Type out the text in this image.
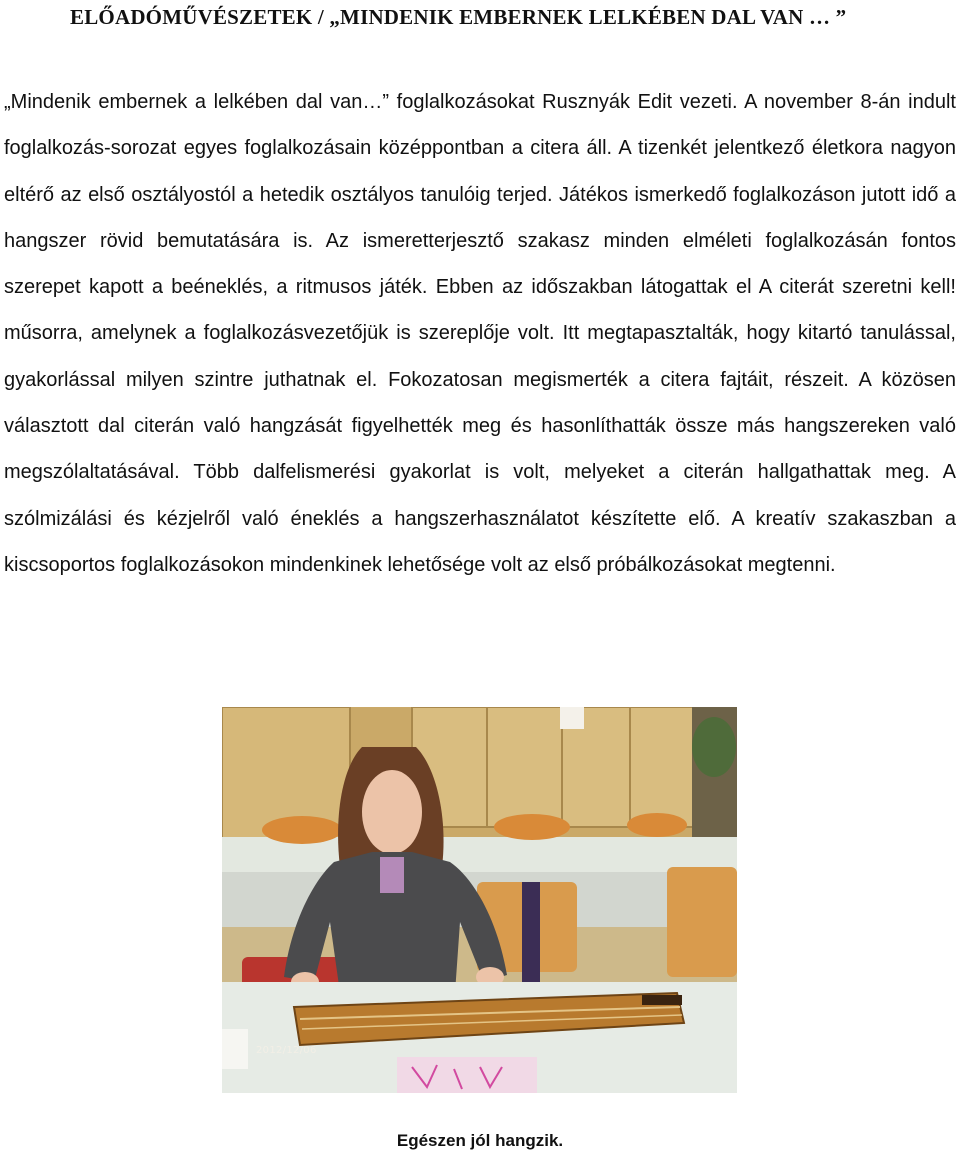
ELŐADÓMŰVÉSZETEK / „MINDENIK EMBERNEK LELKÉBEN DAL VAN … ”

„Mindenik embernek a lelkében dal van…” foglalkozásokat Rusznyák Edit vezeti. A november 8-án indult foglalkozás-sorozat egyes foglalkozásain középpontban a citera áll. A tizenkét jelentkező életkora nagyon eltérő az első osztályostól a hetedik osztályos tanulóig terjed. Játékos ismerkedő foglalkozáson jutott idő a hangszer rövid bemutatására is. Az ismeretterjesztő szakasz minden elméleti foglalkozásán fontos szerepet kapott a beéneklés, a ritmusos játék. Ebben az időszakban látogattak el A citerát szeretni kell! műsorra, amelynek a foglalkozásvezetőjük is szereplője volt. Itt megtapasztalták, hogy kitartó tanulással, gyakorlással milyen szintre juthatnak el. Fokozatosan megismerték a citera fajtáit, részeit. A közösen választott dal citerán való hangzását figyelhették meg és hasonlíthatták össze más hangszereken való megszólaltatásával. Több dalfelismerési gyakorlat is volt, melyeket a citerán hallgathattak meg. A szólmizálási és kézjelről való éneklés a hangszerhasználatot készítette elő. A kreatív szakaszban a kiscsoportos foglalkozásokon mindenkinek lehetősége volt az első próbálkozásokat megtenni.

2012/12/06
Egészen jól hangzik.
